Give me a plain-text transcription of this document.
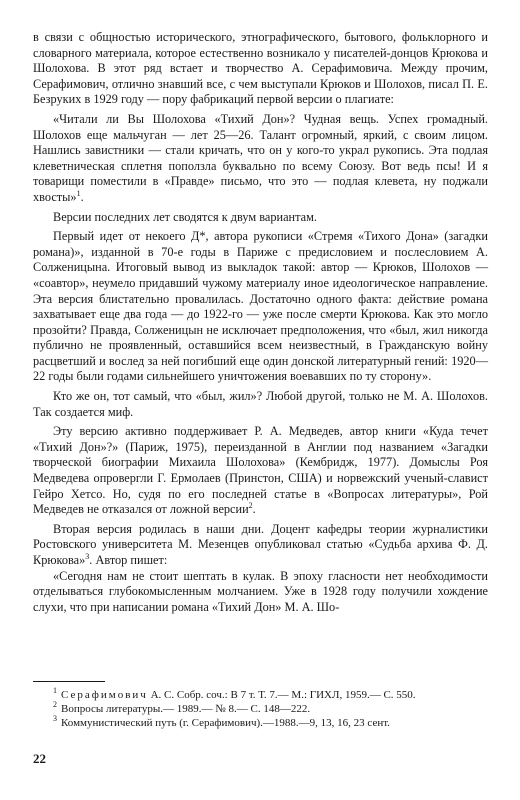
в связи с общностью исторического, этнографического, бытового, фольклорного и словарного материала, которое естественно возникало у писателей-донцов Крюкова и Шолохова. В этот ряд встает и творчество А. Серафимовича. Между прочим, Серафимович, отлично знавший все, с чем выступали Крюков и Шолохов, писал П. Е. Безруких в 1929 году — пору фабрикаций первой версии о плагиате:

«Читали ли Вы Шолохова «Тихий Дон»? Чудная вещь. Успех громадный. Шолохов еще мальчуган — лет 25—26. Талант огромный, яркий, с своим лицом. Нашлись завистники — стали кричать, что он у кого-то украл рукопись. Эта подлая клеветническая сплетня поползла буквально по всему Союзу. Вот ведь псы! И я товарищи поместили в «Правде» письмо, что это — подлая клевета, ну поджали хвосты»$^1$.

Версии последних лет сводятся к двум вариантам.

Первый идет от некоего Д*, автора рукописи «Стремя «Тихого Дона» (загадки романа)», изданной в 70-е годы в Париже с предисловием и послесловием А. Солженицына. Итоговый вывод из выкладок такой: автор — Крюков, Шолохов — «соавтор», неумело придавший чужому материалу иное идеологическое направление. Эта версия блистательно провалилась. Достаточно одного факта: действие романа захватывает еще два года — до 1922-го — уже после смерти Крюкова. Как это могло прозойти? Правда, Солженицын не исключает предположения, что «был, жил никогда публично не проявленный, оставшийся всем неизвестный, в Гражданскую войну расцветший и вослед за ней погибший еще один донской литературный гений: 1920—22 годы были годами сильнейшего уничтожения воевавших по ту сторону».

Кто же он, тот самый, что «был, жил»? Любой другой, только не М. А. Шолохов. Так создается миф.

Эту версию активно поддерживает Р. А. Медведев, автор книги «Куда течет «Тихий Дон»?» (Париж, 1975), переизданной в Англии под названием «Загадки творческой биографии Михаила Шолохова» (Кембридж, 1977). Домыслы Роя Медведева опровергли Г. Ермолаев (Принстон, США) и норвежский ученый-славист Гейро Хетсо. Но, судя по его последней статье в «Вопросах литературы», Рой Медведев не отказался от ложной версии$^2$.

Вторая версия родилась в наши дни. Доцент кафедры теории журналистики Ростовского университета М. Мезенцев опубликовал статью «Судьба архива Ф. Д. Крюкова»$^3$. Автор пишет:

«Сегодня нам не стоит шептать в кулак. В эпоху гласности нет необходимости отделываться глубокомысленным молчанием. Уже в 1928 году получили хождение слухи, что при написании романа «Тихий Дон» М. А. Шо-

$^1$ Серафимович А. С. Собр. соч.: В 7 т. Т. 7.— М.: ГИХЛ, 1959.— С. 550.

$^2$ Вопросы литературы.— 1989.— № 8.— С. 148—222.

$^3$ Коммунистический путь (г. Серафимович).—1988.—9, 13, 16, 23 сент.

22
